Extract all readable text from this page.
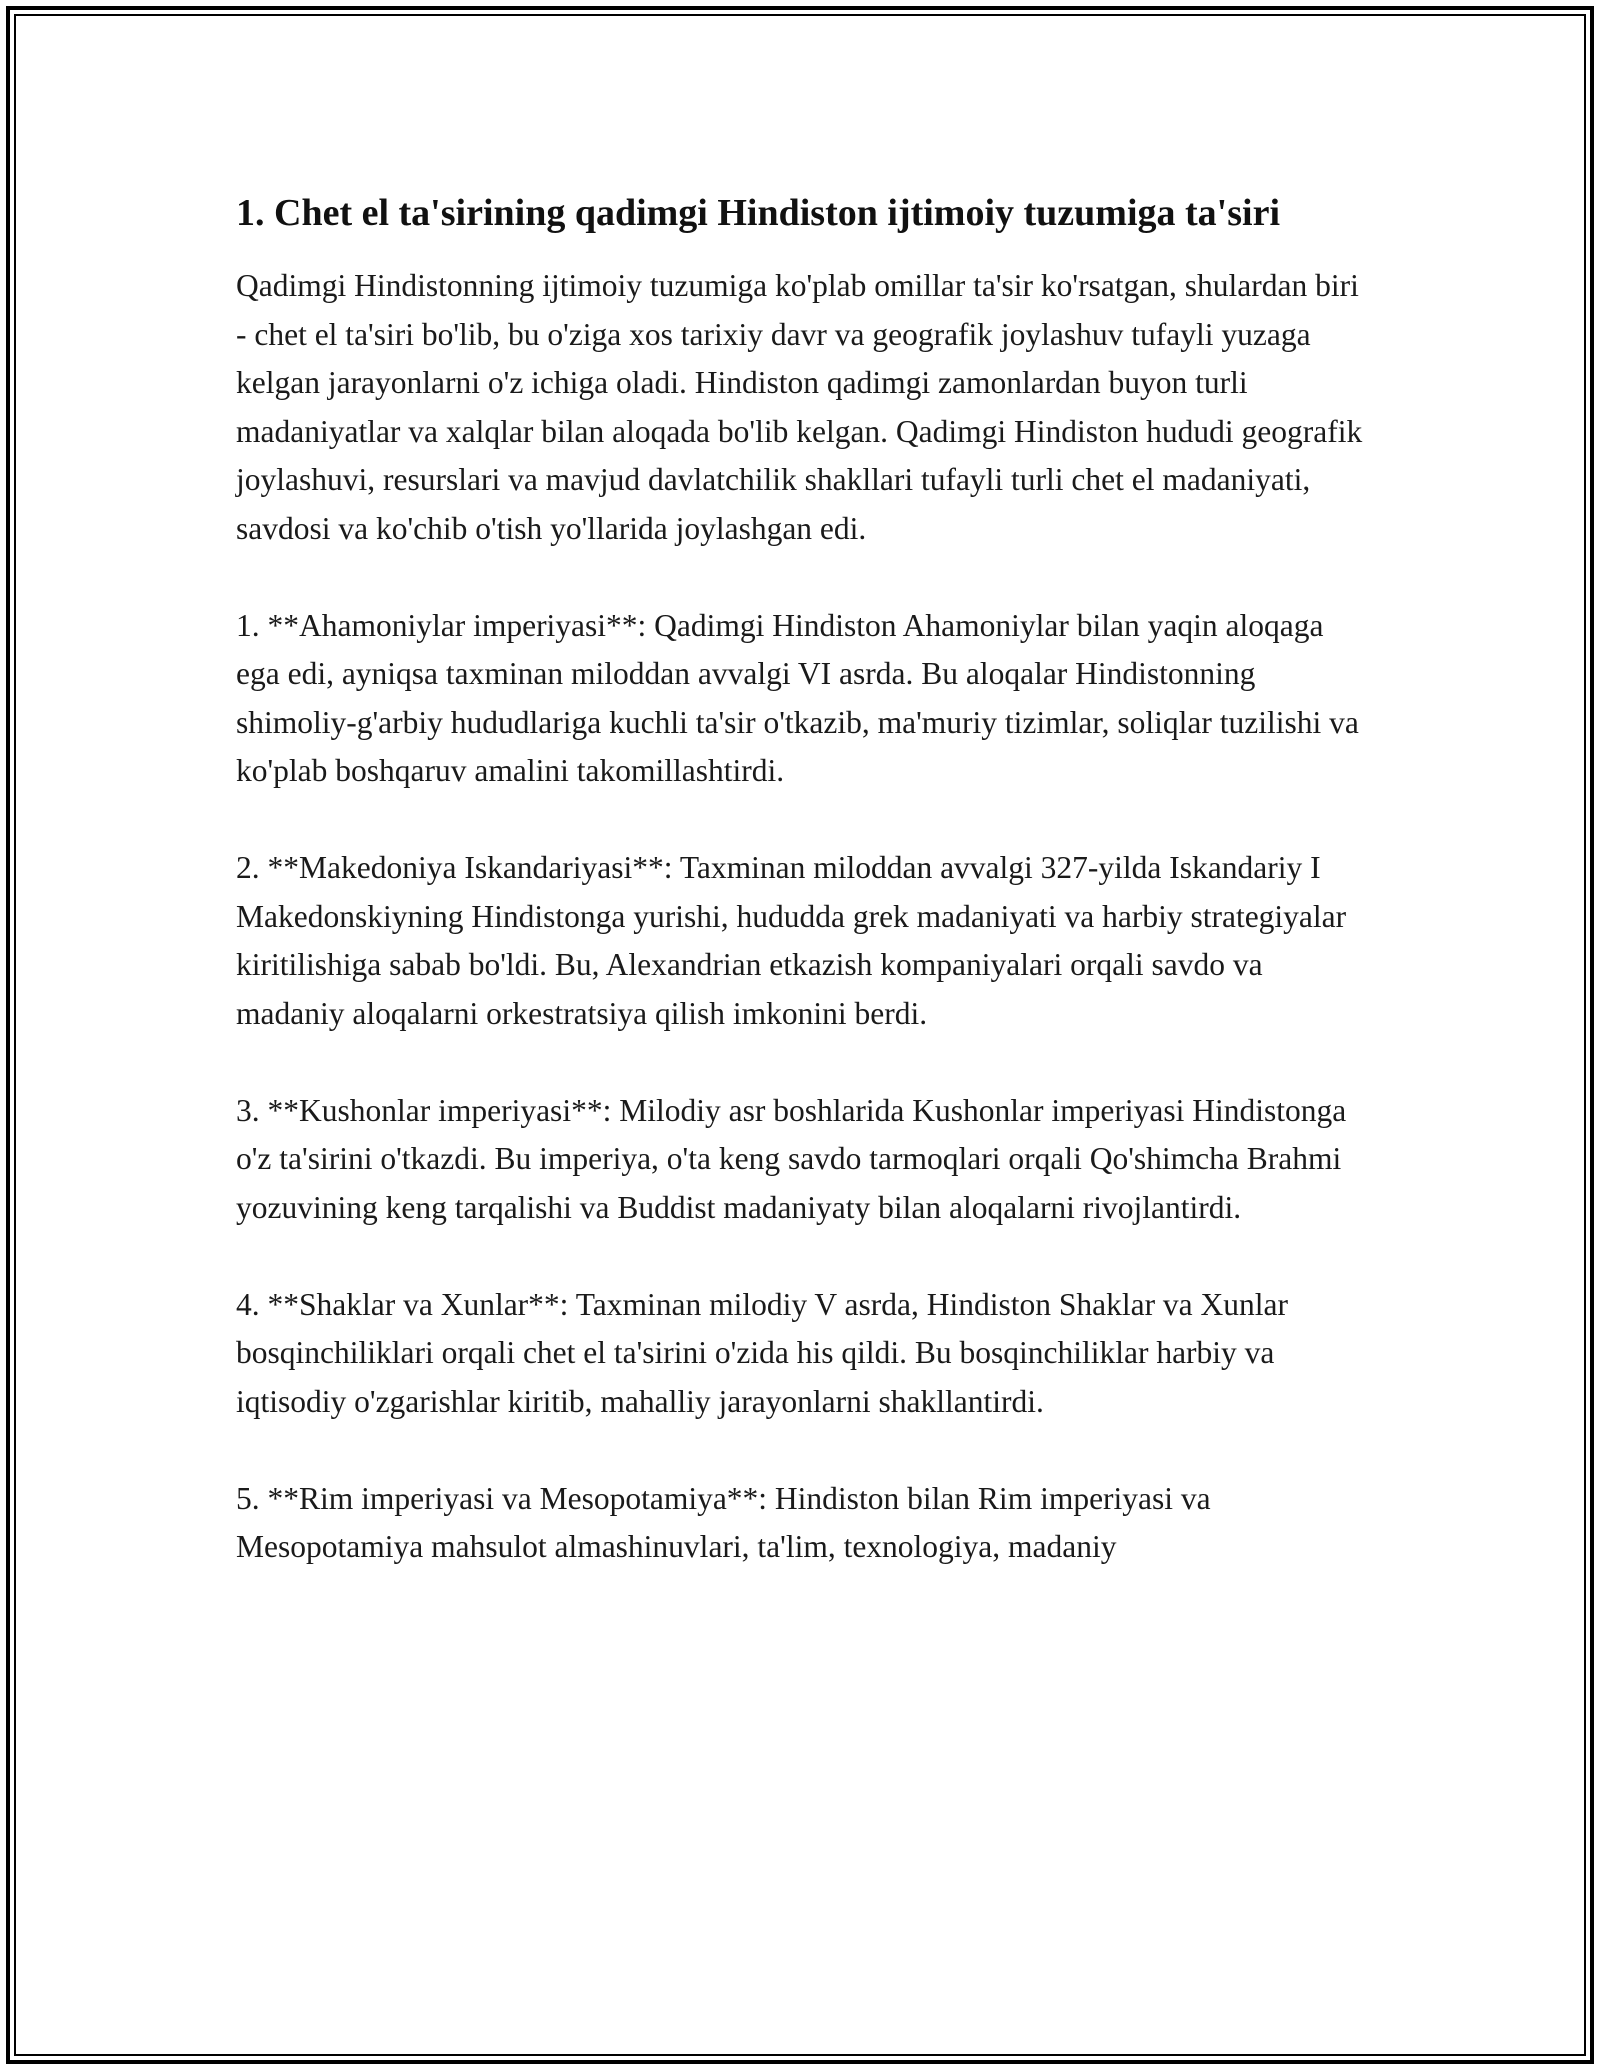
1. Chet el ta'sirining qadimgi Hindiston ijtimoiy tuzumiga ta'siri

Qadimgi Hindistonning ijtimoiy tuzumiga ko'plab omillar ta'sir ko'rsatgan, shulardan biri - chet el ta'siri bo'lib, bu o'ziga xos tarixiy davr va geografik joylashuv tufayli yuzaga kelgan jarayonlarni o'z ichiga oladi. Hindiston qadimgi zamonlardan buyon turli madaniyatlar va xalqlar bilan aloqada bo'lib kelgan. Qadimgi Hindiston hududi geografik joylashuvi, resurslari va mavjud davlatchilik shakllari tufayli turli chet el madaniyati, savdosi va ko'chib o'tish yo'llarida joylashgan edi.

1. **Ahamoniylar imperiyasi**: Qadimgi Hindiston Ahamoniylar bilan yaqin aloqaga ega edi, ayniqsa taxminan miloddan avvalgi VI asrda. Bu aloqalar Hindistonning shimoliy-g'arbiy hududlariga kuchli ta'sir o'tkazib, ma'muriy tizimlar, soliqlar tuzilishi va ko'plab boshqaruv amalini takomillashtirdi.

2. **Makedoniya Iskandariyasi**: Taxminan miloddan avvalgi 327-yilda Iskandariy I Makedonskiyning Hindistonga yurishi, hududda grek madaniyati va harbiy strategiyalar kiritilishiga sabab bo'ldi. Bu, Alexandrian etkazish kompaniyalari orqali savdo va madaniy aloqalarni orkestratsiya qilish imkonini berdi.

3. **Kushonlar imperiyasi**: Milodiy asr boshlarida Kushonlar imperiyasi Hindistonga o'z ta'sirini o'tkazdi. Bu imperiya, o'ta keng savdo tarmoqlari orqali Qo'shimcha Brahmi yozuvining keng tarqalishi va Buddist madaniyaty bilan aloqalarni rivojlantirdi.

4. **Shaklar va Xunlar**: Taxminan milodiy V asrda, Hindiston Shaklar va Xunlar bosqinchiliklari orqali chet el ta'sirini o'zida his qildi. Bu bosqinchiliklar harbiy va iqtisodiy o'zgarishlar kiritib, mahalliy jarayonlarni shakllantirdi.

5. **Rim imperiyasi va Mesopotamiya**: Hindiston bilan Rim imperiyasi va Mesopotamiya mahsulot almashinuvlari, ta'lim, texnologiya, madaniy
